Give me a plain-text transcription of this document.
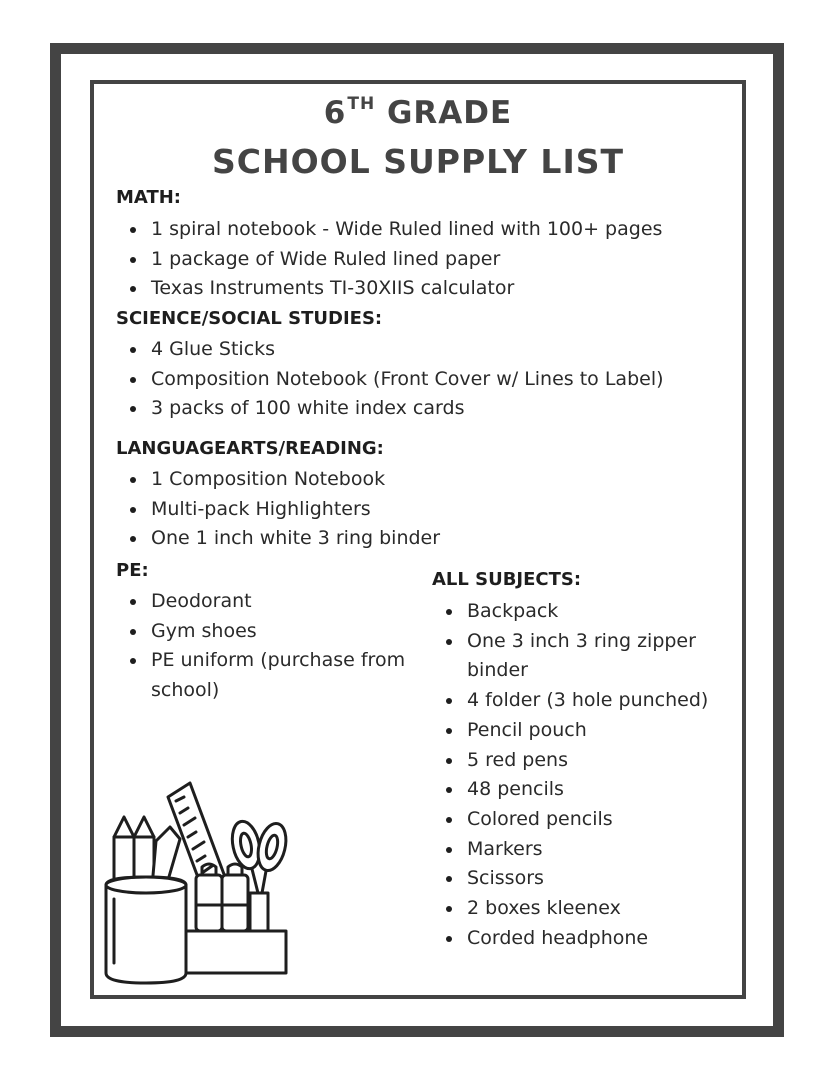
6TH GRADE
SCHOOL SUPPLY LIST
MATH:
1 spiral notebook - Wide Ruled lined with 100+ pages
1 package of Wide Ruled lined paper
Texas Instruments TI-30XIIS calculator
SCIENCE/SOCIAL STUDIES:
4 Glue Sticks
Composition Notebook (Front Cover w/ Lines to Label)
3 packs of 100 white index cards
LANGUAGEARTS/READING:
1 Composition Notebook
Multi-pack Highlighters
One 1 inch white 3 ring binder
PE:
Deodorant
Gym shoes
PE uniform (purchase from school)
ALL SUBJECTS:
Backpack
One 3 inch 3 ring zipper binder
4 folder (3 hole punched)
Pencil pouch
5 red pens
48 pencils
Colored pencils
Markers
Scissors
2 boxes kleenex
Corded headphone
